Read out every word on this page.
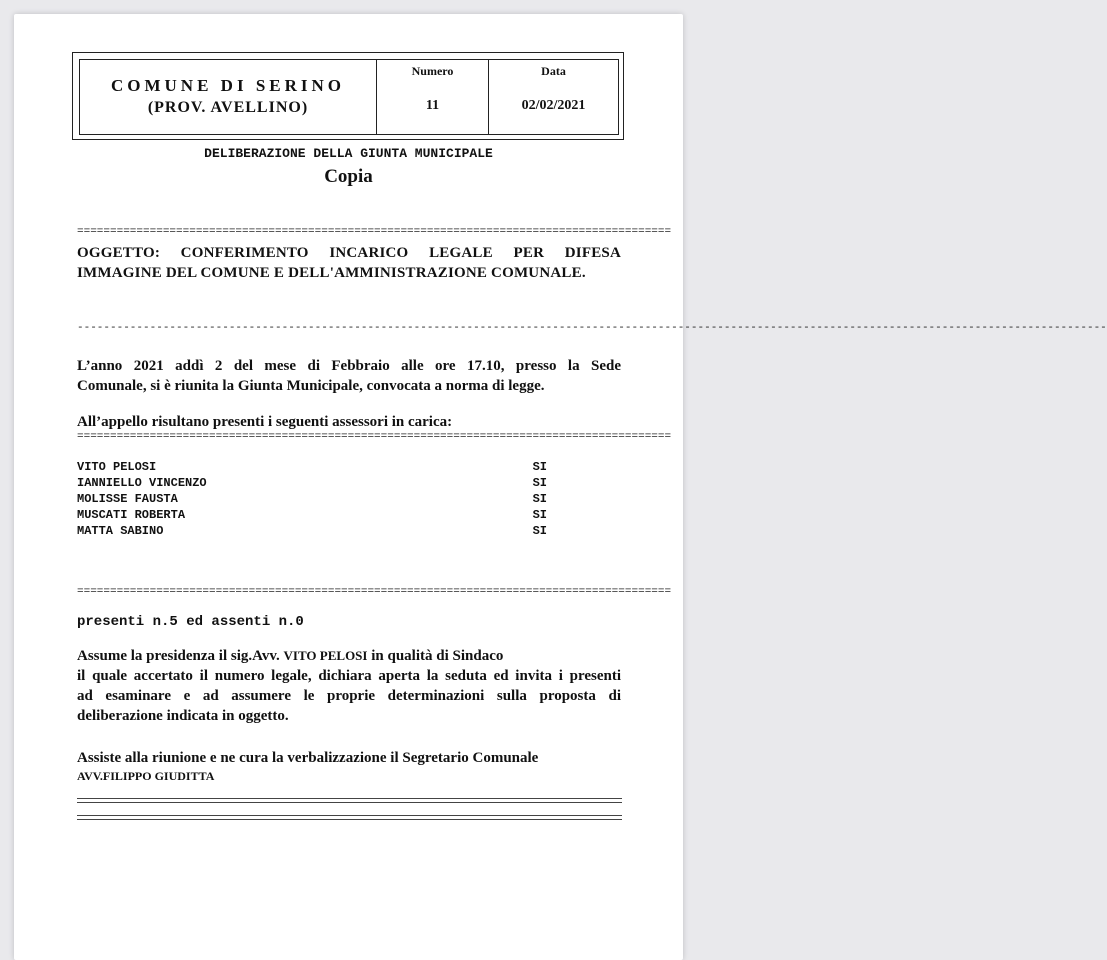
COMUNE DI SERINO
(PROV. AVELLINO)
Numero
11
Data
02/02/2021
DELIBERAZIONE DELLA GIUNTA MUNICIPALE
Copia
==========================================================================================
OGGETTO: CONFERIMENTO INCARICO LEGALE PER DIFESA
IMMAGINE DEL COMUNE E DELL'AMMINISTRAZIONE COMUNALE.
------------------------------------------------------------------------------------------------------------------------------------------------------------
L’anno 2021 addì 2 del mese di Febbraio alle ore 17.10, presso la Sede
Comunale, si è riunita la Giunta Municipale, convocata a norma di legge.
All’appello risultano presenti i seguenti assessori in carica:
==========================================================================================
VITO PELOSI	SI
IANNIELLO VINCENZO	SI
MOLISSE FAUSTA	SI
MUSCATI ROBERTA	SI
MATTA SABINO	SI
==========================================================================================
presenti n.5 ed assenti n.0
Assume la presidenza il sig.Avv. VITO PELOSI in qualità di Sindaco
il quale accertato il numero legale, dichiara aperta la seduta ed invita i presenti
ad esaminare e ad assumere le proprie determinazioni sulla proposta di
deliberazione indicata in oggetto.
Assiste alla riunione e ne cura la verbalizzazione il Segretario Comunale
AVV.FILIPPO GIUDITTA
